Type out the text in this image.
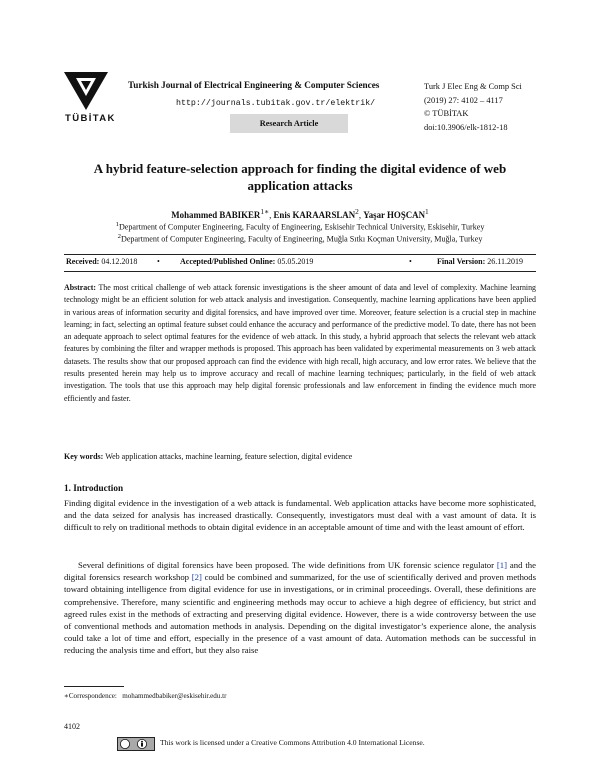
TÜBİTAK
Turkish Journal of Electrical Engineering & Computer Sciences
http://journals.tubitak.gov.tr/elektrik/
Research Article
Turk J Elec Eng & Comp Sci
(2019) 27: 4102 – 4117
© TÜBİTAK
doi:10.3906/elk-1812-18
A hybrid feature-selection approach for finding the digital evidence of web application attacks
Mohammed $BABIKER^{1∗}$, Enis KARAARSLAN$^2$, Yaşar HOŞCAN$^1$
$^1$Department of Computer Engineering, Faculty of Engineering, Eskisehir Technical University, Eskisehir, Turkey
$^2$Department of Computer Engineering, Faculty of Engineering, Muğla Sıtkı Koçman University, Muğla, Turkey
Received: 04.12.2018 •	Accepted/Published Online: 05.05.2019	•	Final Version: 26.11.2019
Abstract: The most critical challenge of web attack forensic investigations is the sheer amount of data and level of complexity. Machine learning technology might be an efficient solution for web attack analysis and investigation. Consequently, machine learning applications have been applied in various areas of information security and digital forensics, and have improved over time. Moreover, feature selection is a crucial step in machine learning; in fact, selecting an optimal feature subset could enhance the accuracy and performance of the predictive model. To date, there has not been an adequate approach to select optimal features for the evidence of web attack. In this study, a hybrid approach that selects the relevant web attack features by combining the filter and wrapper methods is proposed. This approach has been validated by experimental measurements on 3 web attack datasets. The results show that our proposed approach can find the evidence with high recall, high accuracy, and low error rates. We believe that the results presented herein may help us to improve accuracy and recall of machine learning techniques; particularly, in the field of web attack investigation. The tools that use this approach may help digital forensic professionals and law enforcement in finding the evidence much more efficiently and faster.
Key words: Web application attacks, machine learning, feature selection, digital evidence
1. Introduction
Finding digital evidence in the investigation of a web attack is fundamental. Web application attacks have become more sophisticated, and the data seized for analysis has increased drastically. Consequently, investigators must deal with a vast amount of data. It is difficult to rely on traditional methods to obtain digital evidence in an acceptable amount of time and with the least amount of effort.
Several definitions of digital forensics have been proposed. The wide definitions from UK forensic science regulator [1] and the digital forensics research workshop [2] could be combined and summarized, for the use of scientifically derived and proven methods toward obtaining intelligence from digital evidence for use in investigations, or in criminal proceedings. Overall, these definitions are comprehensive. Therefore, many scientific and engineering methods may occur to achieve a high degree of efficiency, but strict and agreed rules exist in the methods of extracting and preserving digital evidence. However, there is a wide controversy between the use of conventional methods and automation methods in analysis. Depending on the digital investigator’s experience alone, the analysis could take a lot of time and effort, especially in the presence of a vast amount of data. Automation methods can be successful in reducing the analysis time and effort, but they also raise
∗Correspondence: mohammedbabiker@eskisehir.edu.tr
4102
This work is licensed under a Creative Commons Attribution 4.0 International License.
